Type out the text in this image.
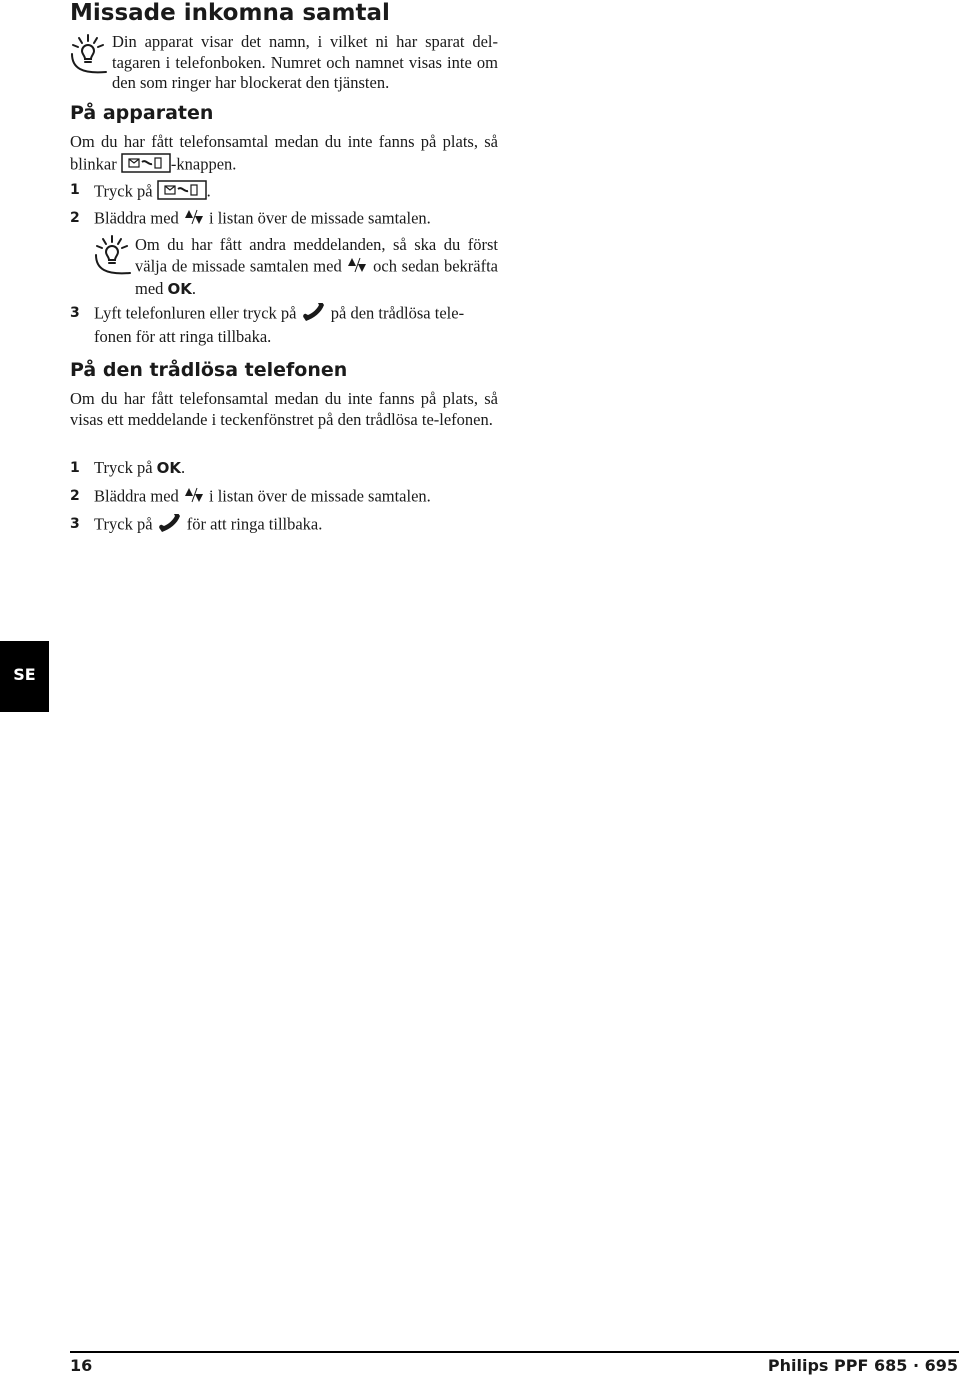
Missade inkomna samtal
Din apparat visar det namn, i vilket ni har sparat del-tagaren i telefonboken. Numret och namnet visas inte om den som ringer har blockerat den tjänsten.
På apparaten
Om du har fått telefonsamtal medan du inte fanns på plats, så blinkar	-knappen.
1 Tryck på	.
2 Bläddra med i listan över de missade samtalen.
Om du har fått andra meddelanden, så ska du först välja de missade samtalen med och sedan bekräfta med OK.
3 Lyft telefonluren eller tryck på på den trådlösa tele-fonen för att ringa tillbaka.
På den trådlösa telefonen
Om du har fått telefonsamtal medan du inte fanns på plats, så visas ett meddelande i teckenfönstret på den trådlösa te-lefonen.
1 Tryck på OK.
2 Bläddra med i listan över de missade samtalen.
3 Tryck på för att ringa tillbaka.
SE
16	Philips PPF 685 · 695
